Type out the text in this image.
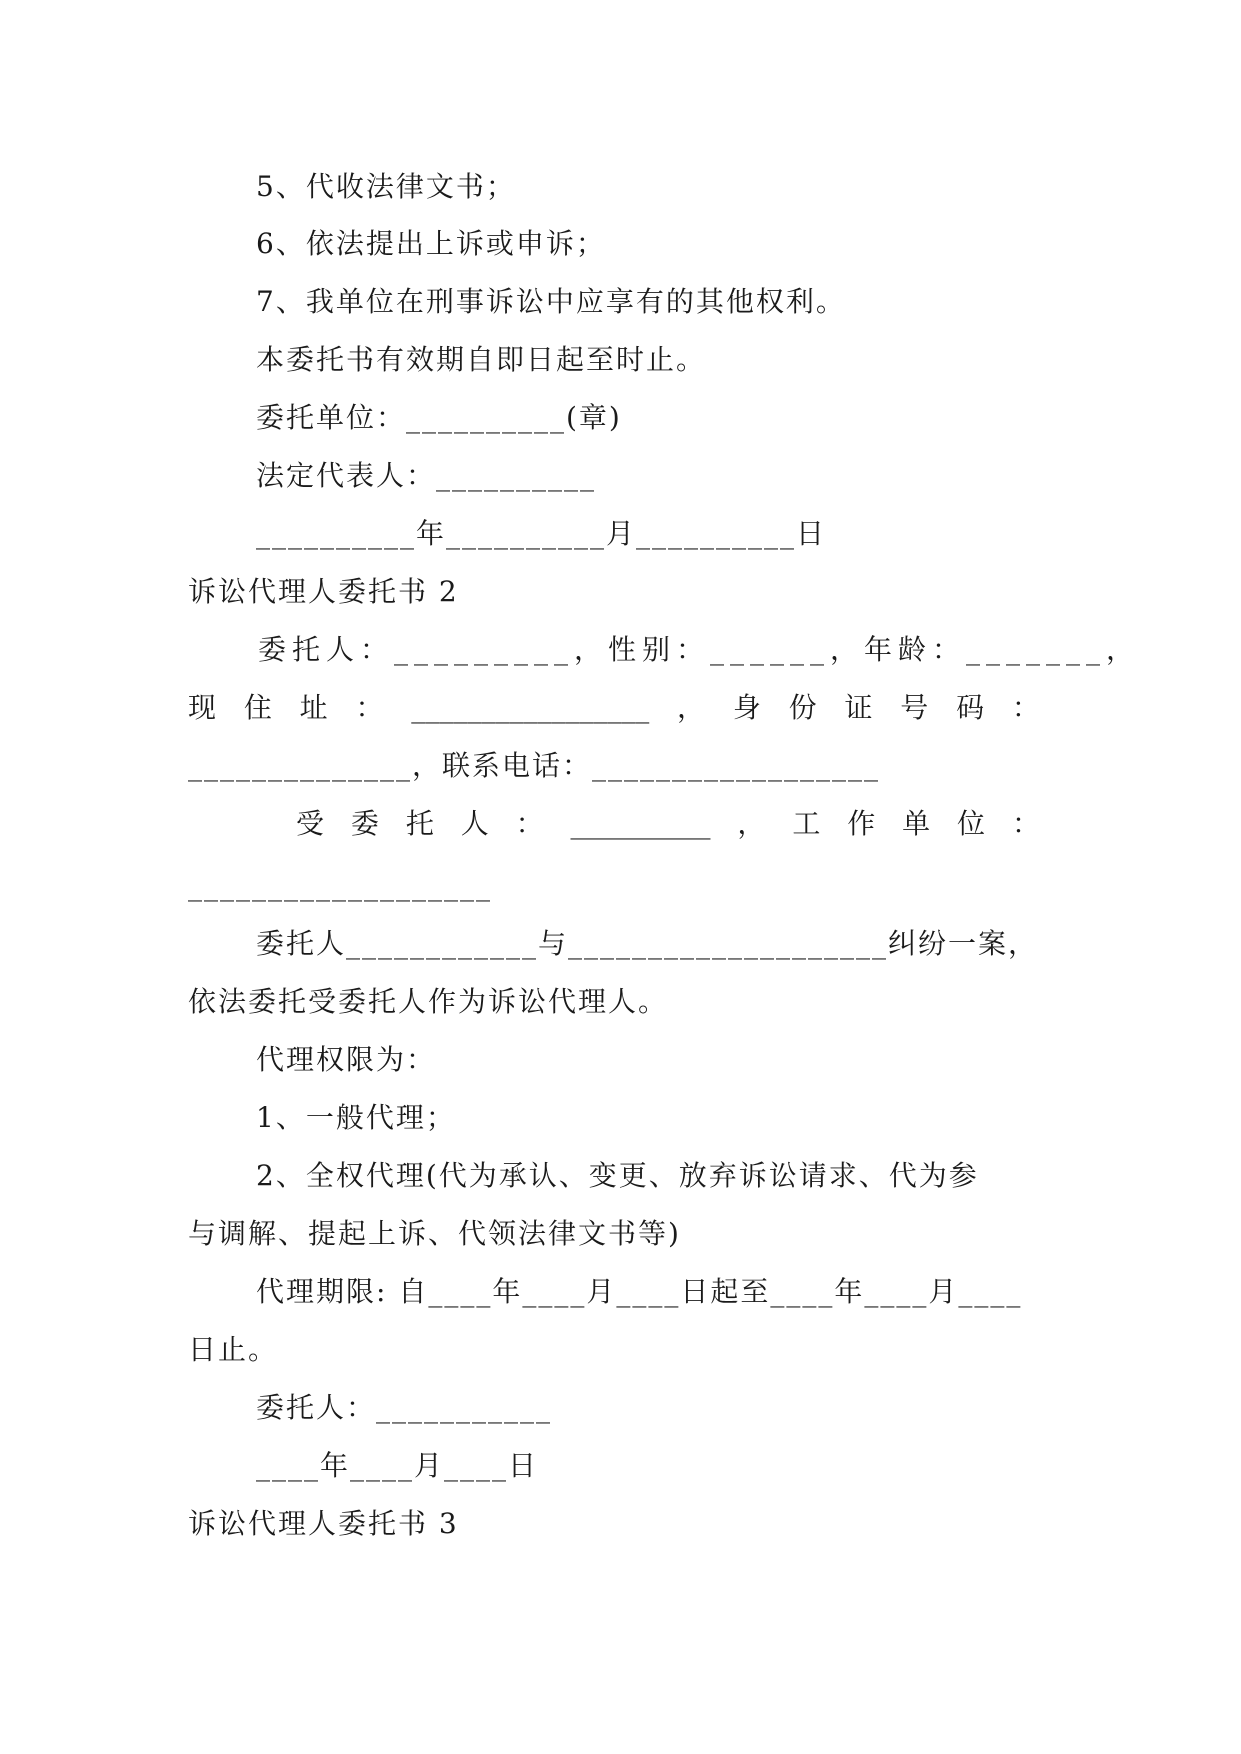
5、代收法律文书；
6、依法提出上诉或申诉；
7、我单位在刑事诉讼中应享有的其他权利。
本委托书有效期自即日起至时止。
委托单位：__________(章)
法定代表人：__________
__________年__________月__________日
诉讼代理人委托书 2
委托人：_________，性别：______，年龄：_______，
现 住 址 ： _________________ ， 身 份 证 号 码 ：
______________，联系电话：__________________
受 委 托 人 ： __________ ， 工 作 单 位 ：
___________________
委托人____________与____________________纠纷一案，
依法委托受委托人作为诉讼代理人。
代理权限为：
1、一般代理；
2、全权代理(代为承认、变更、放弃诉讼请求、代为参
与调解、提起上诉、代领法律文书等)
代理期限: 自____年____月____日起至____年____月____
日止。
委托人：___________
____年____月____日
诉讼代理人委托书 3
